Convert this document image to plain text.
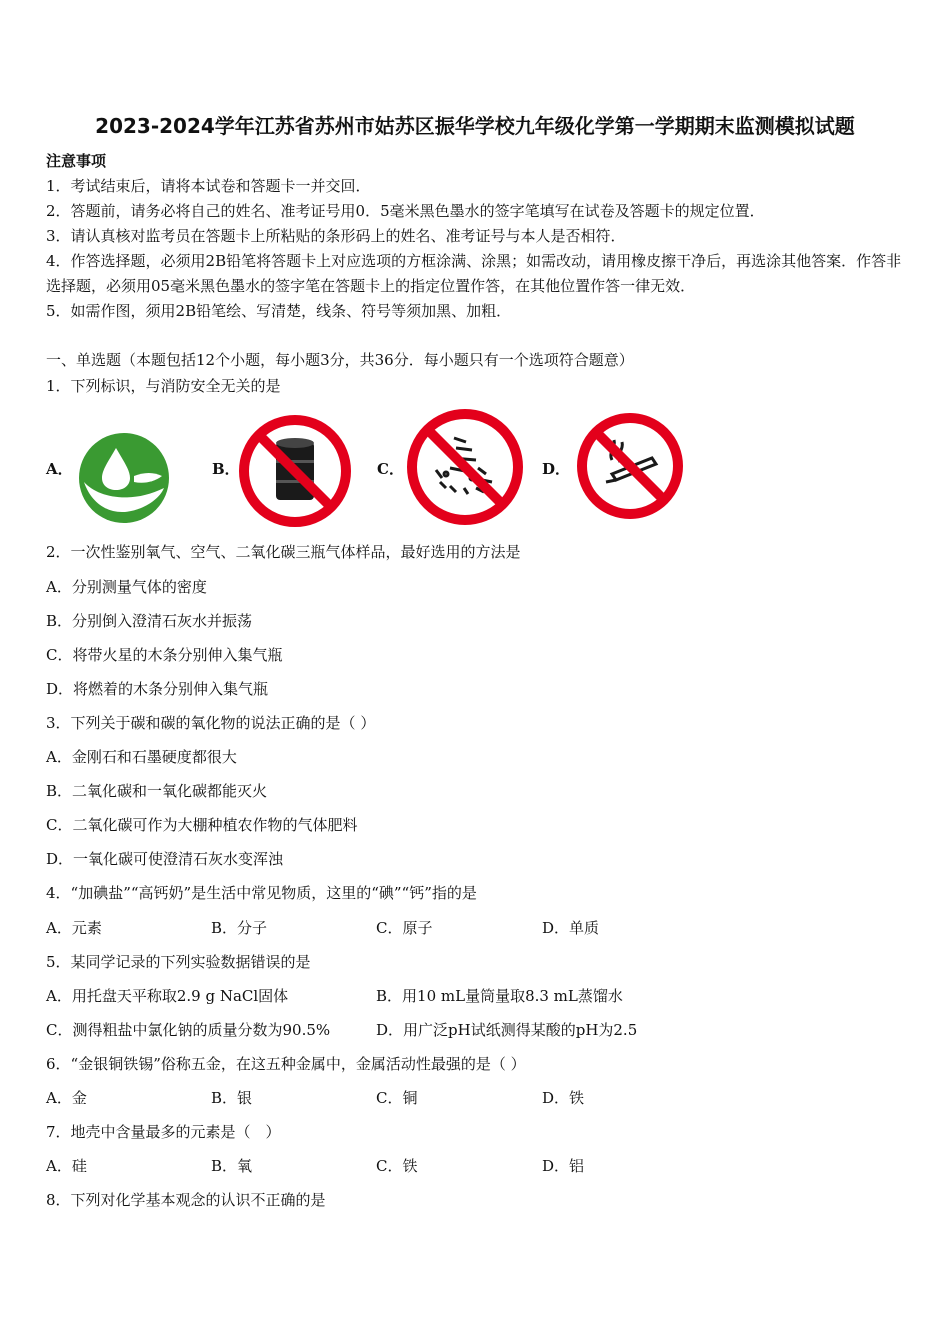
2023-2024学年江苏省苏州市姑苏区振华学校九年级化学第一学期期末监测模拟试题
注意事项
1．考试结束后，请将本试卷和答题卡一并交回．
2．答题前，请务必将自己的姓名、准考证号用0．5毫米黑色墨水的签字笔填写在试卷及答题卡的规定位置．
3．请认真核对监考员在答题卡上所粘贴的条形码上的姓名、准考证号与本人是否相符．
4．作答选择题，必须用2B铅笔将答题卡上对应选项的方框涂满、涂黑；如需改动，请用橡皮擦干净后，再选涂其他答案．作答非选择题，必须用05毫米黑色墨水的签字笔在答题卡上的指定位置作答，在其他位置作答一律无效．
5．如需作图，须用2B铅笔绘、写清楚，线条、符号等须加黑、加粗．
一、单选题（本题包括12个小题，每小题3分，共36分．每小题只有一个选项符合题意）
1．下列标识，与消防安全无关的是
A．	B．	C．	D．
2．一次性鉴别氧气、空气、二氧化碳三瓶气体样品，最好选用的方法是
A．分别测量气体的密度
B．分别倒入澄清石灰水并振荡
C．将带火星的木条分别伸入集气瓶
D．将燃着的木条分别伸入集气瓶
3．下列关于碳和碳的氧化物的说法正确的是（ ）
A．金刚石和石墨硬度都很大
B．二氧化碳和一氧化碳都能灭火
C．二氧化碳可作为大棚种植农作物的气体肥料
D．一氧化碳可使澄清石灰水变浑浊
4．“加碘盐”“高钙奶”是生活中常见物质，这里的“碘”“钙”指的是
A．元素	B．分子	C．原子	D．单质
5．某同学记录的下列实验数据错误的是
A．用托盘天平称取2.9 g NaCl固体	B．用10 mL量筒量取8.3 mL蒸馏水
C．测得粗盐中氯化钠的质量分数为90.5%	D．用广泛pH试纸测得某酸的pH为2.5
6．“金银铜铁锡”俗称五金，在这五种金属中，金属活动性最强的是（ ）
A．金	B．银	C．铜	D．铁
7．地壳中含量最多的元素是（　）
A．硅	B．氧	C．铁	D．铝
8．下列对化学基本观念的认识不正确的是
